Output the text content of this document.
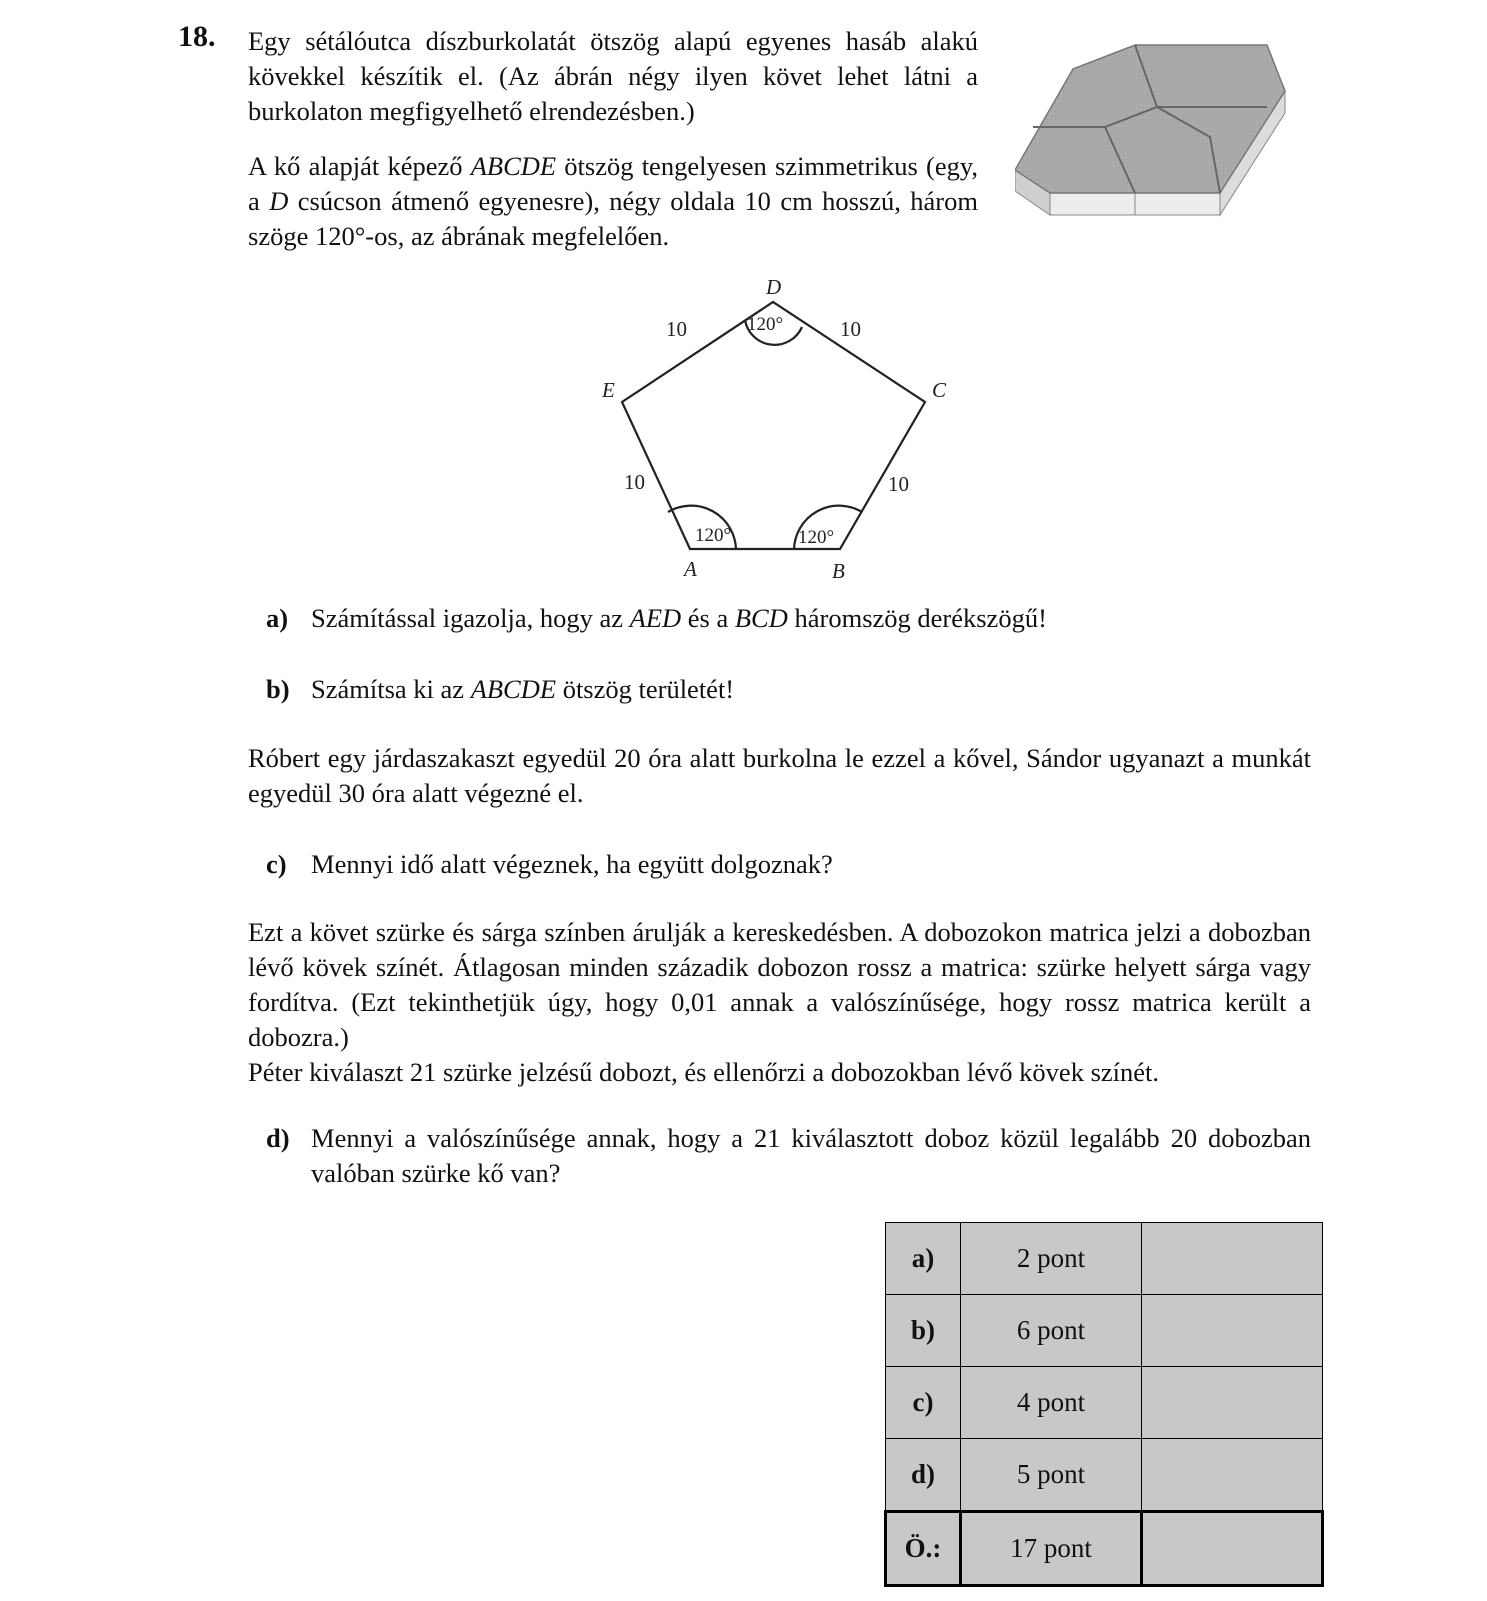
18. Egy sétálóutca díszburkolatát ötszög alapú egyenes hasáb alakú kövekkel készítik el. (Az ábrán négy ilyen követ lehet látni a burkolaton megfigyelhető elrendezésben.)
A kő alapját képező ABCDE ötszög tengelyesen szimmetrikus (egy, a D csúcson átmenő egyenesre), négy oldala 10 cm hosszú, három szöge 120°-os, az ábrának megfelelően.
D
C
E
A	B
10	10
10	10
120°
120°	120°
a) Számítással igazolja, hogy az AED és a BCD háromszög derékszögű!
b) Számítsa ki az ABCDE ötszög területét!
Róbert egy járdaszakaszt egyedül 20 óra alatt burkolna le ezzel a kővel, Sándor ugyanazt a munkát egyedül 30 óra alatt végezné el.
c) Mennyi idő alatt végeznek, ha együtt dolgoznak?
Ezt a követ szürke és sárga színben árulják a kereskedésben. A dobozokon matrica jelzi a dobozban lévő kövek színét. Átlagosan minden századik dobozon rossz a matrica: szürke helyett sárga vagy fordítva. (Ezt tekinthetjük úgy, hogy 0,01 annak a valószínűsége, hogy rossz matrica került a dobozra.)
Péter kiválaszt 21 szürke jelzésű dobozt, és ellenőrzi a dobozokban lévő kövek színét.
d) Mennyi a valószínűsége annak, hogy a 21 kiválasztott doboz közül legalább 20 dobozban valóban szürke kő van?
a)	2 pont	
b)	6 pont	
c)	4 pont	
d)	5 pont	
Ö.:	17 pont	
